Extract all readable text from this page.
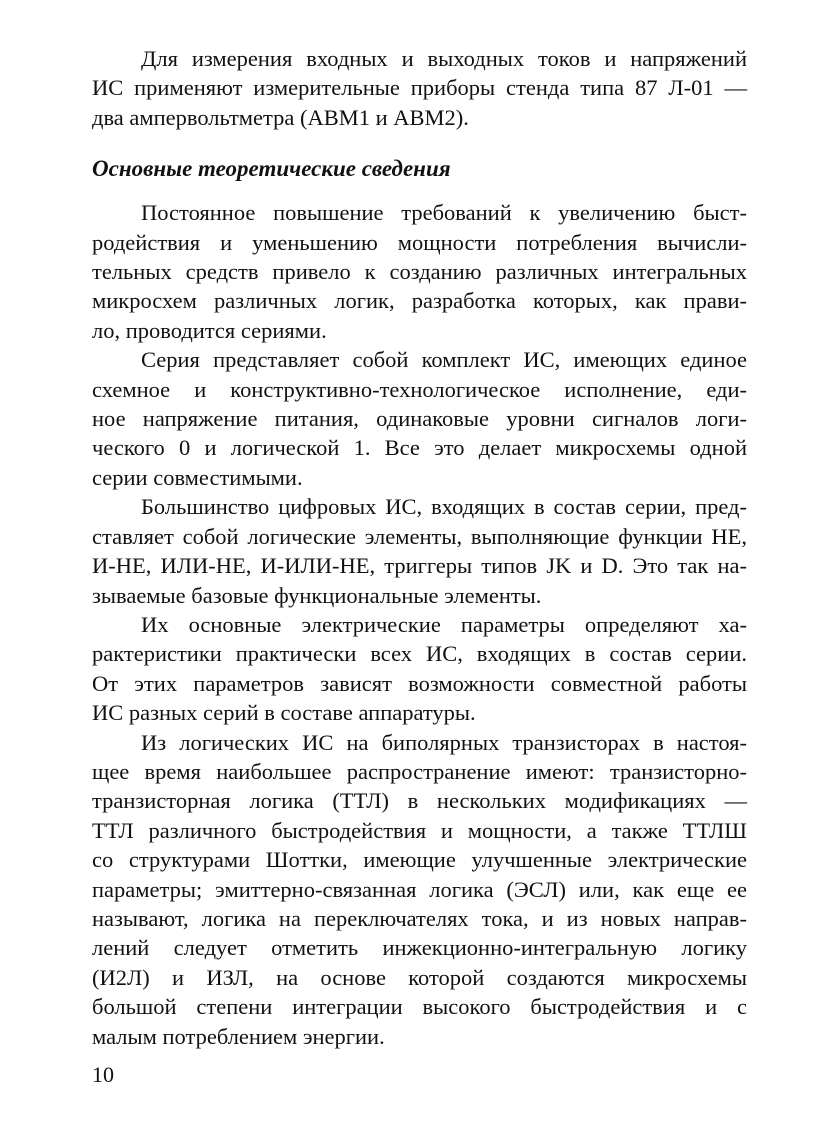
Для измерения входных и выходных токов и напряжений
ИС применяют измерительные приборы стенда типа 87 Л-01 —
два ампервольтметра (АВМ1 и АВМ2).
Основные теоретические сведения
Постоянное повышение требований к увеличению быст-
родействия и уменьшению мощности потребления вычисли-
тельных средств привело к созданию различных интегральных
микросхем различных логик, разработка которых, как прави-
ло, проводится сериями.
Серия представляет собой комплект ИС, имеющих единое
схемное и конструктивно-технологическое исполнение, еди-
ное напряжение питания, одинаковые уровни сигналов логи-
ческого 0 и логической 1. Все это делает микросхемы одной
серии совместимыми.
Большинство цифровых ИС, входящих в состав серии, пред-
ставляет собой логические элементы, выполняющие функции НЕ,
И-НЕ, ИЛИ-НЕ, И-ИЛИ-НЕ, триггеры типов JK и D. Это так на-
зываемые базовые функциональные элементы.
Их основные электрические параметры определяют ха-
рактеристики практически всех ИС, входящих в состав серии.
От этих параметров зависят возможности совместной работы
ИС разных серий в составе аппаратуры.
Из логических ИС на биполярных транзисторах в настоя-
щее время наибольшее распространение имеют: транзисторно-
транзисторная логика (ТТЛ) в нескольких модификациях —
ТТЛ различного быстродействия и мощности, а также ТТЛШ
со структурами Шоттки, имеющие улучшенные электрические
параметры; эмиттерно-связанная логика (ЭСЛ) или, как еще ее
называют, логика на переключателях тока, и из новых направ-
лений следует отметить инжекционно-интегральную логику
(И2Л) и ИЗЛ, на основе которой создаются микросхемы
большой степени интеграции высокого быстродействия и с
малым потреблением энергии.
10
